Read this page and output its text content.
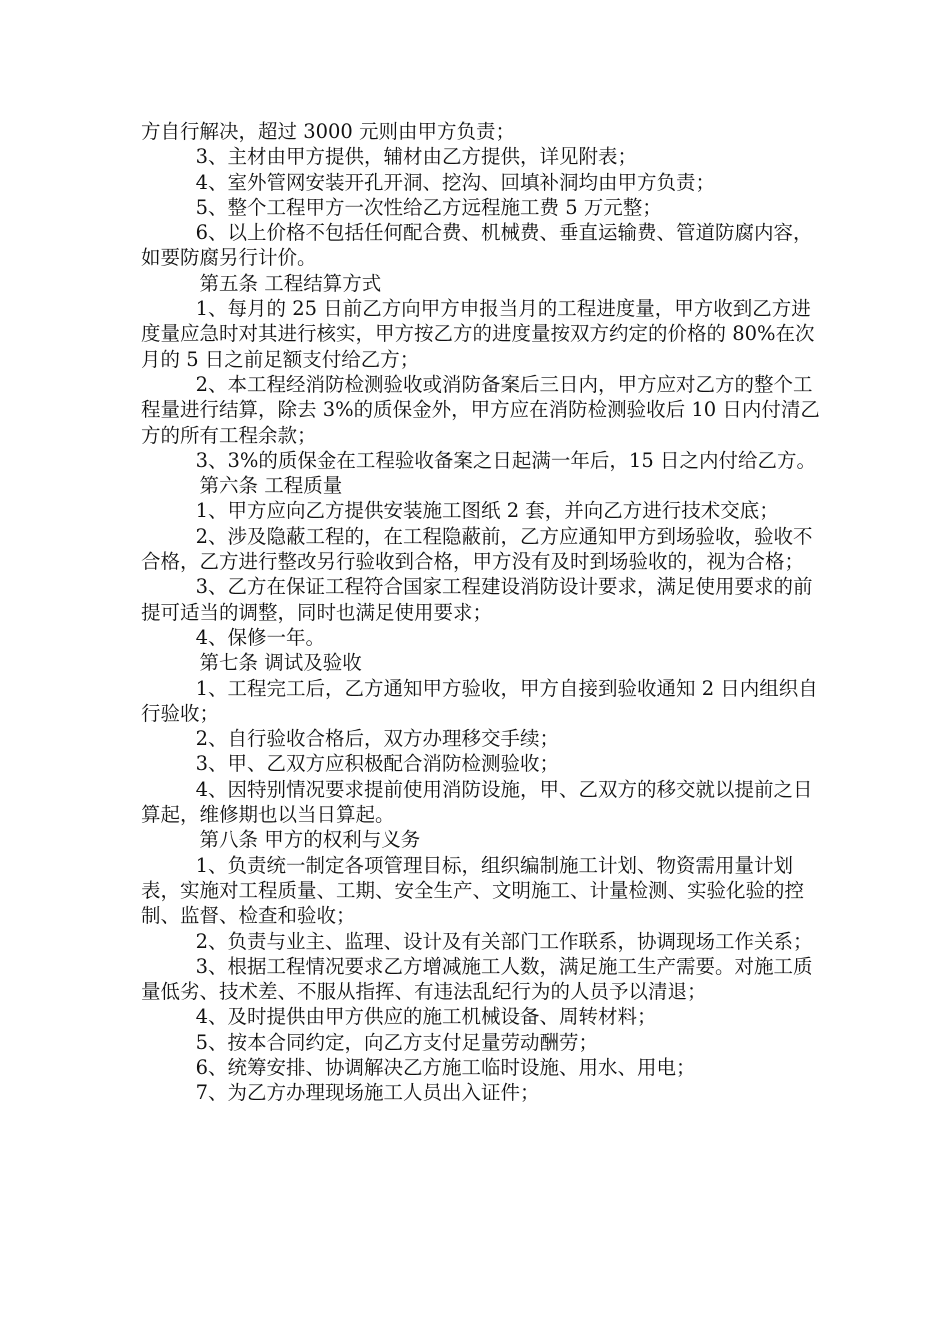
方自行解决，超过 3000 元则由甲方负责；

3、主材由甲方提供，辅材由乙方提供，详见附表；

4、室外管网安装开孔开洞、挖沟、回填补洞均由甲方负责；

5、整个工程甲方一次性给乙方远程施工费 5 万元整；

6、以上价格不包括任何配合费、机械费、垂直运输费、管道防腐内容，如要防腐另行计价。

第五条 工程结算方式

1、每月的 25 日前乙方向甲方申报当月的工程进度量，甲方收到乙方进度量应急时对其进行核实，甲方按乙方的进度量按双方约定的价格的 80%在次月的 5 日之前足额支付给乙方；

2、本工程经消防检测验收或消防备案后三日内，甲方应对乙方的整个工程量进行结算，除去 3%的质保金外，甲方应在消防检测验收后 10 日内付清乙方的所有工程余款；

3、3%的质保金在工程验收备案之日起满一年后，15 日之内付给乙方。

第六条 工程质量

1、甲方应向乙方提供安装施工图纸 2 套，并向乙方进行技术交底；

2、涉及隐蔽工程的，在工程隐蔽前，乙方应通知甲方到场验收，验收不合格，乙方进行整改另行验收到合格，甲方没有及时到场验收的，视为合格；

3、乙方在保证工程符合国家工程建设消防设计要求，满足使用要求的前提可适当的调整，同时也满足使用要求；

4、保修一年。

第七条 调试及验收

1、工程完工后，乙方通知甲方验收，甲方自接到验收通知 2 日内组织自行验收；

2、自行验收合格后，双方办理移交手续；

3、甲、乙双方应积极配合消防检测验收；

4、因特别情况要求提前使用消防设施，甲、乙双方的移交就以提前之日算起，维修期也以当日算起。

第八条 甲方的权利与义务

1、负责统一制定各项管理目标，组织编制施工计划、物资需用量计划表，实施对工程质量、工期、安全生产、文明施工、计量检测、实验化验的控制、监督、检查和验收；

2、负责与业主、监理、设计及有关部门工作联系，协调现场工作关系；

3、根据工程情况要求乙方增减施工人数，满足施工生产需要。对施工质量低劣、技术差、不服从指挥、有违法乱纪行为的人员予以清退；

4、及时提供由甲方供应的施工机械设备、周转材料；

5、按本合同约定，向乙方支付足量劳动酬劳；

6、统筹安排、协调解决乙方施工临时设施、用水、用电；

7、为乙方办理现场施工人员出入证件；
